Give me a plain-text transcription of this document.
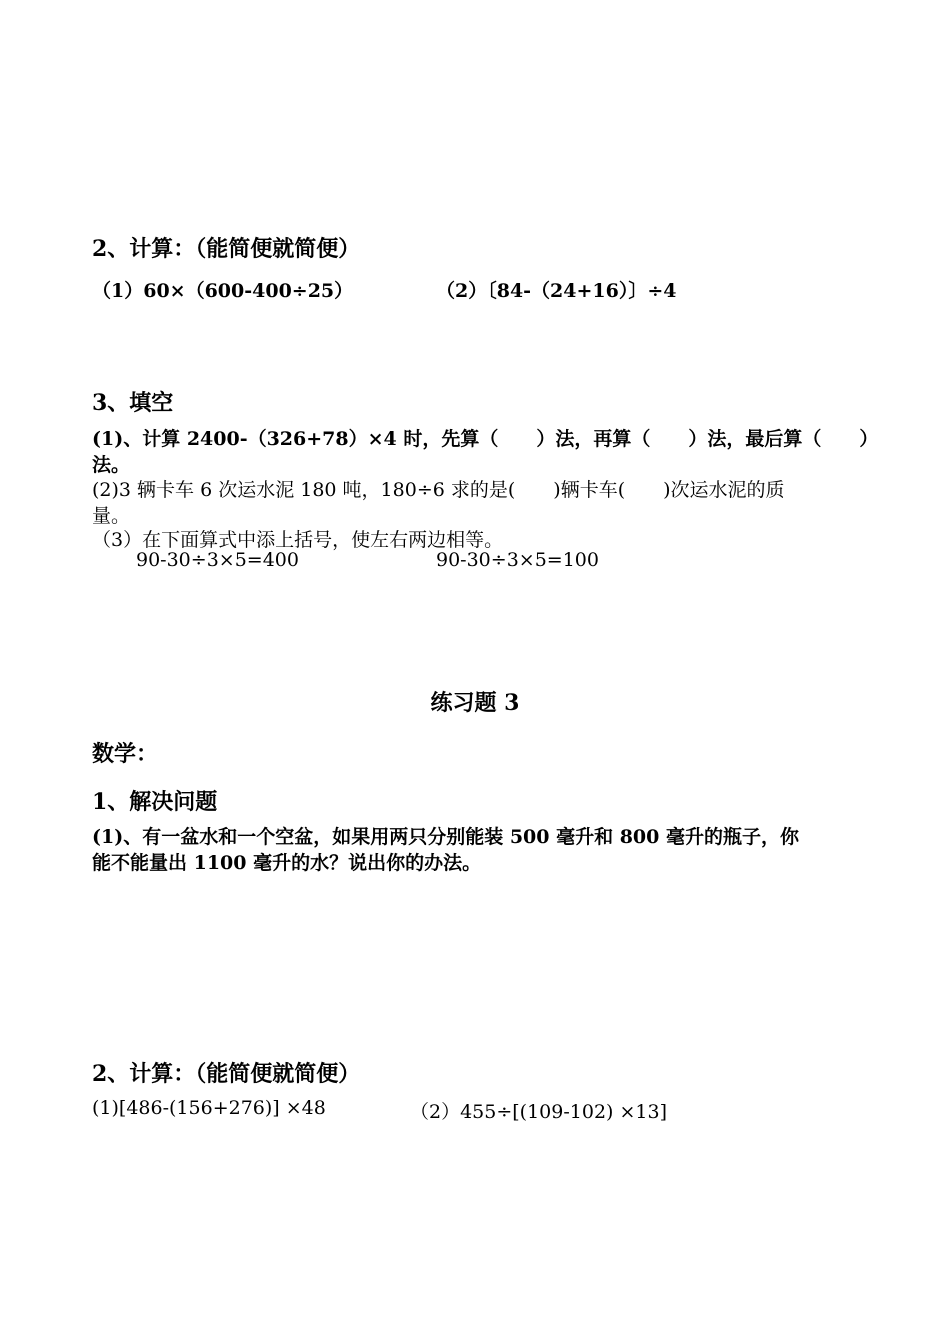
2、计算：（能简便就简便）
（1）60×（600-400÷25）	（2）〔84-（24+16）〕÷4
3、填空
(1)、计算 2400-（326+78）×4 时，先算（　　）法，再算（　　）法，最后算（　　）
法。
(2)3 辆卡车 6 次运水泥 180 吨，180÷6 求的是(　　)辆卡车(　　)次运水泥的质
量。
（3）在下面算式中添上括号，使左右两边相等。
90-30÷3×5=400	90-30÷3×5=100
练习题 3
数学：
1、解决问题
(1)、有一盆水和一个空盆，如果用两只分别能装 500 毫升和 800 毫升的瓶子，你
能不能量出 1100 毫升的水？说出你的办法。
2、计算：（能简便就简便）
(1)[486-(156+276)] ×48	（2）455÷[(109-102) ×13]
